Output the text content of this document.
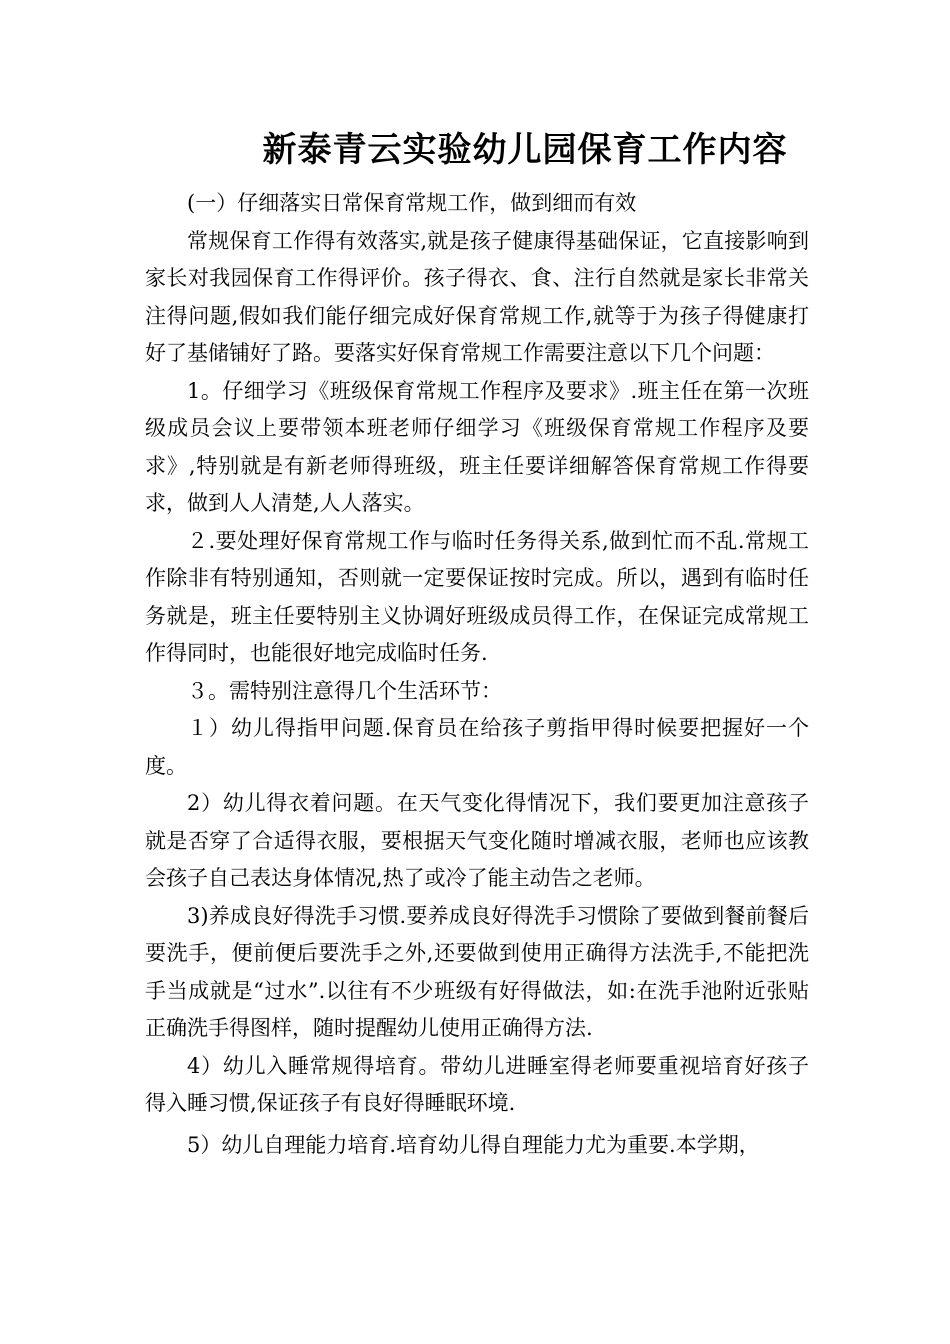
新泰青云实验幼儿园保育工作内容

(一）仔细落实日常保育常规工作，做到细而有效

常规保育工作得有效落实,就是孩子健康得基础保证，它直接影响到家长对我园保育工作得评价。孩子得衣、食、注行自然就是家长非常关注得问题,假如我们能仔细完成好保育常规工作,就等于为孩子得健康打好了基储铺好了路。要落实好保育常规工作需要注意以下几个问题：

1。仔细学习《班级保育常规工作程序及要求》.班主任在第一次班级成员会议上要带领本班老师仔细学习《班级保育常规工作程序及要求》,特别就是有新老师得班级，班主任要详细解答保育常规工作得要求，做到人人清楚,人人落实。

２.要处理好保育常规工作与临时任务得关系,做到忙而不乱.常规工作除非有特别通知，否则就一定要保证按时完成。所以，遇到有临时任务就是，班主任要特别主义协调好班级成员得工作，在保证完成常规工作得同时，也能很好地完成临时任务.

３。需特别注意得几个生活环节：

１）幼儿得指甲问题.保育员在给孩子剪指甲得时候要把握好一个度。

2）幼儿得衣着问题。在天气变化得情况下，我们要更加注意孩子就是否穿了合适得衣服，要根据天气变化随时增减衣服，老师也应该教会孩子自己表达身体情况,热了或冷了能主动告之老师。

3)养成良好得洗手习惯.要养成良好得洗手习惯除了要做到餐前餐后要洗手，便前便后要洗手之外,还要做到使用正确得方法洗手,不能把洗手当成就是“过水”.以往有不少班级有好得做法，如:在洗手池附近张贴正确洗手得图样，随时提醒幼儿使用正确得方法.

4）幼儿入睡常规得培育。带幼儿进睡室得老师要重视培育好孩子得入睡习惯,保证孩子有良好得睡眠环境.

5）幼儿自理能力培育.培育幼儿得自理能力尤为重要.本学期，
